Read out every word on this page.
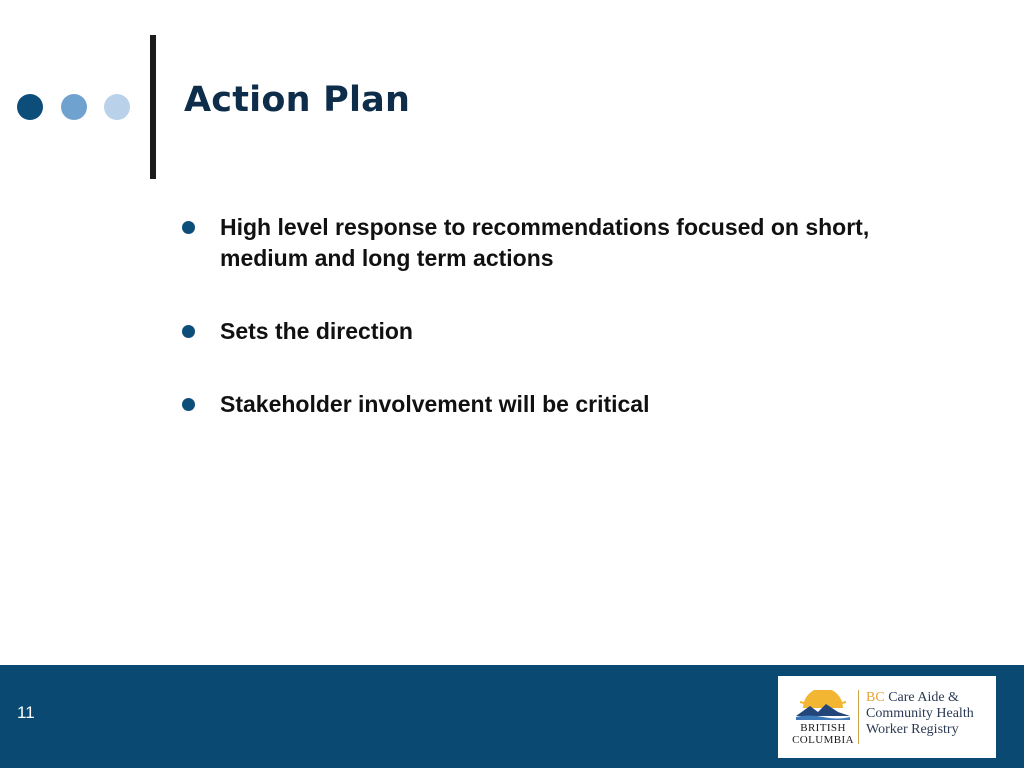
Action Plan
High level response to recommendations focused on short, medium and long term actions
Sets the direction
Stakeholder involvement will be critical
11
BRITISH
COLUMBIA
BC Care Aide &
Community Health
Worker Registry
